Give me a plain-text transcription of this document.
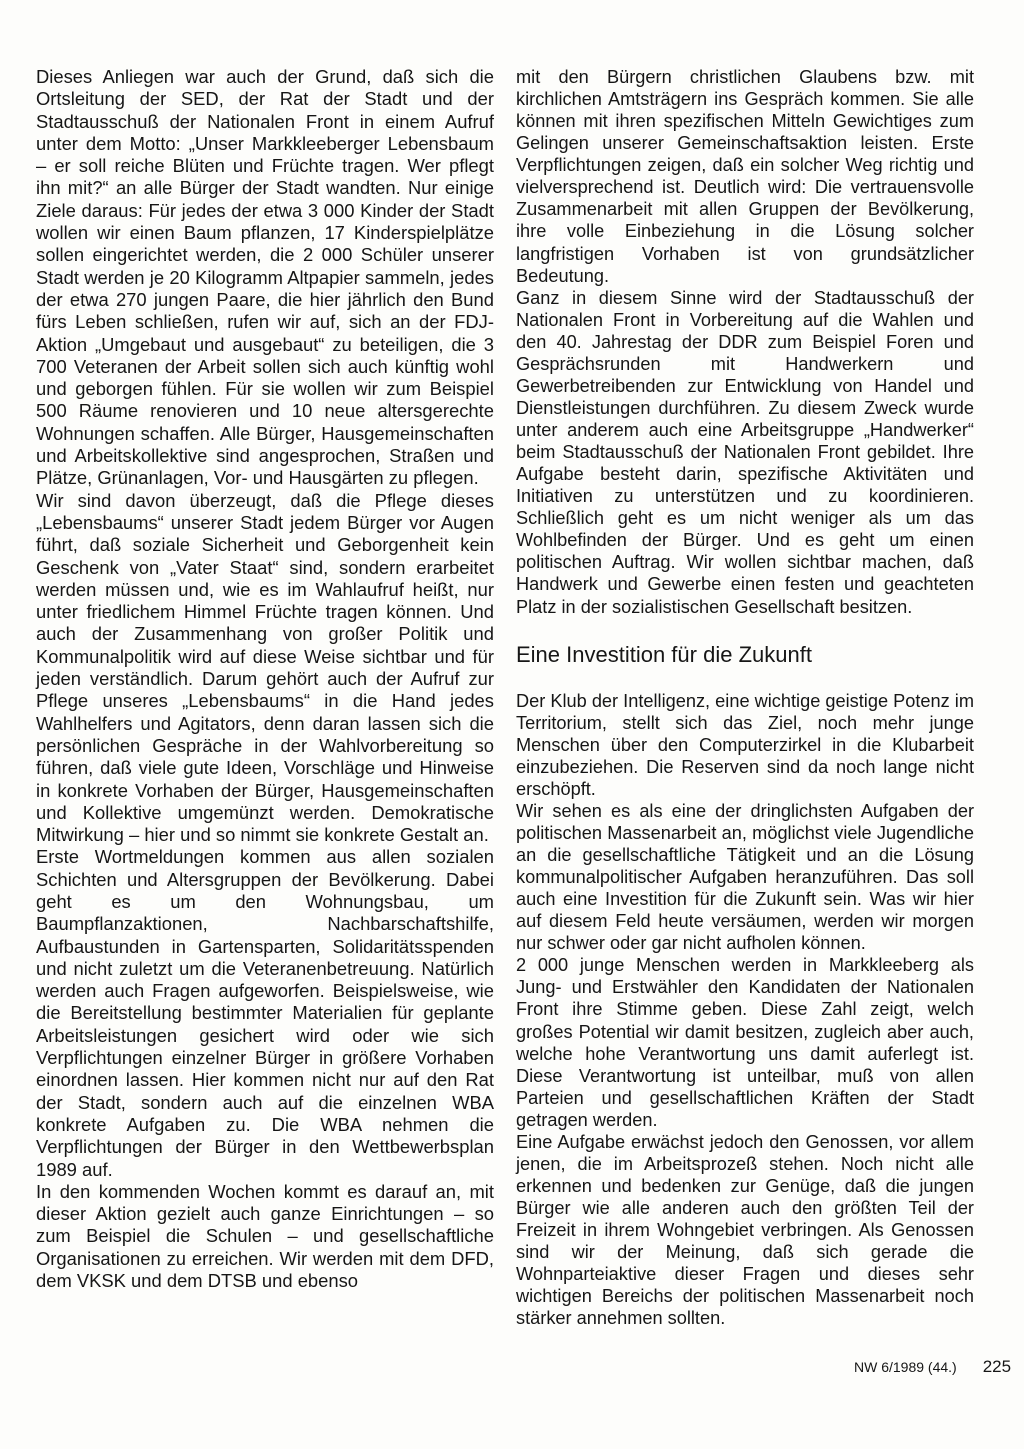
Dieses Anliegen war auch der Grund, daß sich die Ortsleitung der SED, der Rat der Stadt und der Stadtausschuß der Nationalen Front in einem Aufruf unter dem Motto: „Unser Markkleeberger Lebensbaum – er soll reiche Blüten und Früchte tragen. Wer pflegt ihn mit?“ an alle Bürger der Stadt wandten. Nur einige Ziele daraus: Für jedes der etwa 3 000 Kinder der Stadt wollen wir einen Baum pflanzen, 17 Kinderspielplätze sollen eingerichtet werden, die 2 000 Schüler unserer Stadt werden je 20 Kilogramm Altpapier sammeln, jedes der etwa 270 jungen Paare, die hier jährlich den Bund fürs Leben schließen, rufen wir auf, sich an der FDJ-Aktion „Umgebaut und ausgebaut“ zu beteiligen, die 3 700 Veteranen der Arbeit sollen sich auch künftig wohl und geborgen fühlen. Für sie wollen wir zum Beispiel 500 Räume renovieren und 10 neue altersgerechte Wohnungen schaffen. Alle Bürger, Hausgemeinschaften und Arbeitskollektive sind angesprochen, Straßen und Plätze, Grünanlagen, Vor- und Hausgärten zu pflegen.

Wir sind davon überzeugt, daß die Pflege dieses „Lebensbaums“ unserer Stadt jedem Bürger vor Augen führt, daß soziale Sicherheit und Geborgenheit kein Geschenk von „Vater Staat“ sind, sondern erarbeitet werden müssen und, wie es im Wahlaufruf heißt, nur unter friedlichem Himmel Früchte tragen können. Und auch der Zusammenhang von großer Politik und Kommunalpolitik wird auf diese Weise sichtbar und für jeden verständlich. Darum gehört auch der Aufruf zur Pflege unseres „Lebensbaums“ in die Hand jedes Wahlhelfers und Agitators, denn daran lassen sich die persönlichen Gespräche in der Wahlvorbereitung so führen, daß viele gute Ideen, Vorschläge und Hinweise in konkrete Vorhaben der Bürger, Hausgemeinschaften und Kollektive umgemünzt werden. Demokratische Mitwirkung – hier und so nimmt sie konkrete Gestalt an.

Erste Wortmeldungen kommen aus allen sozialen Schichten und Altersgruppen der Bevölkerung. Dabei geht es um den Wohnungsbau, um Baumpflanzaktionen, Nachbarschaftshilfe, Aufbaustunden in Gartensparten, Solidaritätsspenden und nicht zuletzt um die Veteranenbetreuung. Natürlich werden auch Fragen aufgeworfen. Beispielsweise, wie die Bereitstellung bestimmter Materialien für geplante Arbeitsleistungen gesichert wird oder wie sich Verpflichtungen einzelner Bürger in größere Vorhaben einordnen lassen. Hier kommen nicht nur auf den Rat der Stadt, sondern auch auf die einzelnen WBA konkrete Aufgaben zu. Die WBA nehmen die Verpflichtungen der Bürger in den Wettbewerbsplan 1989 auf.

In den kommenden Wochen kommt es darauf an, mit dieser Aktion gezielt auch ganze Einrichtungen – so zum Beispiel die Schulen – und gesellschaftliche Organisationen zu erreichen. Wir werden mit dem DFD, dem VKSK und dem DTSB und ebenso

mit den Bürgern christlichen Glaubens bzw. mit kirchlichen Amtsträgern ins Gespräch kommen. Sie alle können mit ihren spezifischen Mitteln Gewichtiges zum Gelingen unserer Gemeinschaftsaktion leisten. Erste Verpflichtungen zeigen, daß ein solcher Weg richtig und vielversprechend ist. Deutlich wird: Die vertrauensvolle Zusammenarbeit mit allen Gruppen der Bevölkerung, ihre volle Einbeziehung in die Lösung solcher langfristigen Vorhaben ist von grundsätzlicher Bedeutung.

Ganz in diesem Sinne wird der Stadtausschuß der Nationalen Front in Vorbereitung auf die Wahlen und den 40. Jahrestag der DDR zum Beispiel Foren und Gesprächsrunden mit Handwerkern und Gewerbetreibenden zur Entwicklung von Handel und Dienstleistungen durchführen. Zu diesem Zweck wurde unter anderem auch eine Arbeitsgruppe „Handwerker“ beim Stadtausschuß der Nationalen Front gebildet. Ihre Aufgabe besteht darin, spezifische Aktivitäten und Initiativen zu unterstützen und zu koordinieren. Schließlich geht es um nicht weniger als um das Wohlbefinden der Bürger. Und es geht um einen politischen Auftrag. Wir wollen sichtbar machen, daß Handwerk und Gewerbe einen festen und geachteten Platz in der sozialistischen Gesellschaft besitzen.

Eine Investition für die Zukunft

Der Klub der Intelligenz, eine wichtige geistige Potenz im Territorium, stellt sich das Ziel, noch mehr junge Menschen über den Computerzirkel in die Klubarbeit einzubeziehen. Die Reserven sind da noch lange nicht erschöpft.

Wir sehen es als eine der dringlichsten Aufgaben der politischen Massenarbeit an, möglichst viele Jugendliche an die gesellschaftliche Tätigkeit und an die Lösung kommunalpolitischer Aufgaben heranzuführen. Das soll auch eine Investition für die Zukunft sein. Was wir hier auf diesem Feld heute versäumen, werden wir morgen nur schwer oder gar nicht aufholen können.

2 000 junge Menschen werden in Markkleeberg als Jung- und Erstwähler den Kandidaten der Nationalen Front ihre Stimme geben. Diese Zahl zeigt, welch großes Potential wir damit besitzen, zugleich aber auch, welche hohe Verantwortung uns damit auferlegt ist. Diese Verantwortung ist unteilbar, muß von allen Parteien und gesellschaftlichen Kräften der Stadt getragen werden.

Eine Aufgabe erwächst jedoch den Genossen, vor allem jenen, die im Arbeitsprozeß stehen. Noch nicht alle erkennen und bedenken zur Genüge, daß die jungen Bürger wie alle anderen auch den größten Teil der Freizeit in ihrem Wohngebiet verbringen. Als Genossen sind wir der Meinung, daß sich gerade die Wohnparteiaktive dieser Fragen und dieses sehr wichtigen Bereichs der politischen Massenarbeit noch stärker annehmen sollten.

NW 6/1989 (44.) 225
